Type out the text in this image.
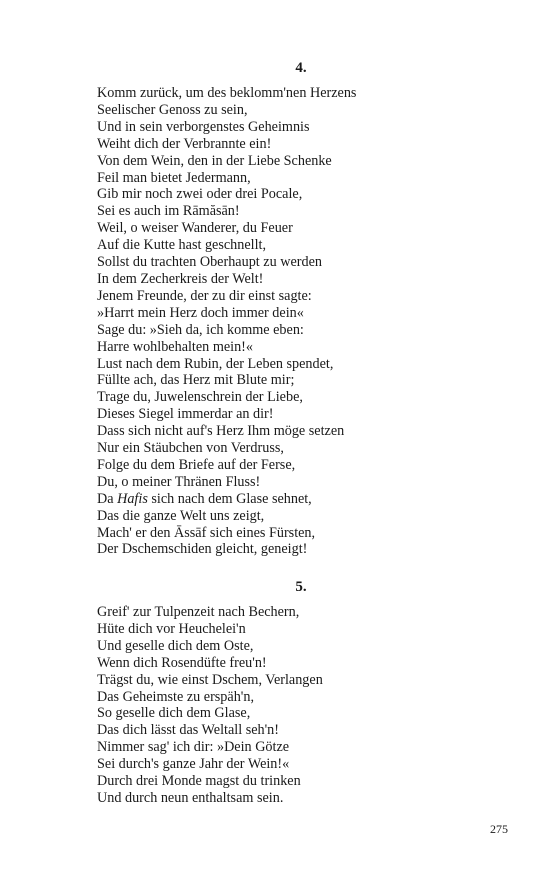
4.
Komm zurück, um des beklomm'nen Herzens
Seelischer Genoss zu sein,
Und in sein verborgenstes Geheimnis
Weiht dich der Verbrannte ein!
Von dem Wein, den in der Liebe Schenke
Feil man bietet Jedermann,
Gib mir noch zwei oder drei Pocale,
Sei es auch im Rāmăsān!
Weil, o weiser Wanderer, du Feuer
Auf die Kutte hast geschnellt,
Sollst du trachten Oberhaupt zu werden
In dem Zecherkreis der Welt!
Jenem Freunde, der zu dir einst sagte:
»Harrt mein Herz doch immer dein«
Sage du: »Sieh da, ich komme eben:
Harre wohlbehalten mein!«
Lust nach dem Rubin, der Leben spendet,
Füllte ach, das Herz mit Blute mir;
Trage du, Juwelenschrein der Liebe,
Dieses Siegel immerdar an dir!
Dass sich nicht auf's Herz Ihm möge setzen
Nur ein Stäubchen von Verdruss,
Folge du dem Briefe auf der Ferse,
Du, o meiner Thränen Fluss!
Da Hafis sich nach dem Glase sehnet,
Das die ganze Welt uns zeigt,
Mach' er den Āssāf sich eines Fürsten,
Der Dschemschiden gleicht, geneigt!
5.
Greif' zur Tulpenzeit nach Bechern,
Hüte dich vor Heuchelei'n
Und geselle dich dem Oste,
Wenn dich Rosendüfte freu'n!
Trägst du, wie einst Dschem, Verlangen
Das Geheimste zu erspäh'n,
So geselle dich dem Glase,
Das dich lässt das Weltall seh'n!
Nimmer sag' ich dir: »Dein Götze
Sei durch's ganze Jahr der Wein!«
Durch drei Monde magst du trinken
Und durch neun enthaltsam sein.
275
